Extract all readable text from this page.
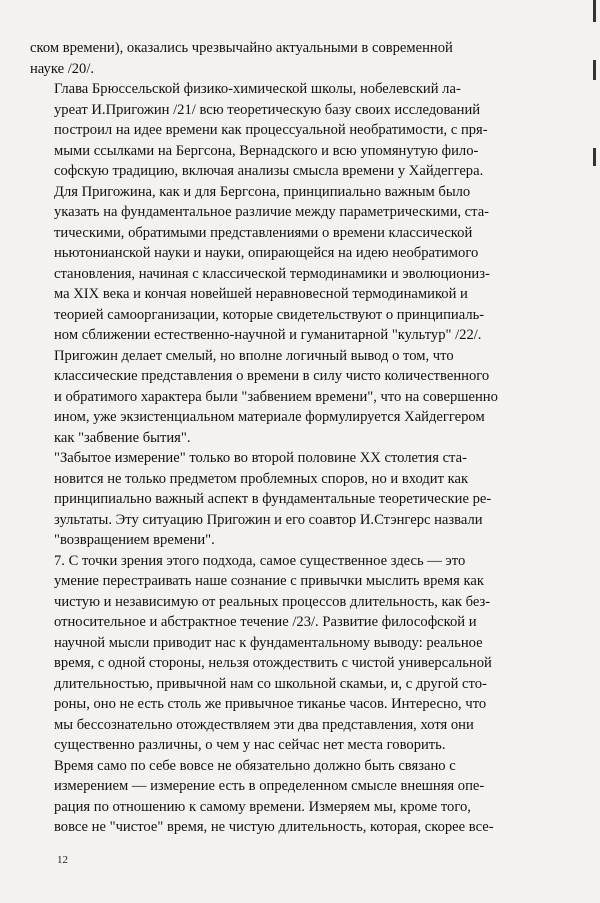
ском времени), оказались чрезвычайно актуальными в современной
науке /20/.
Глава Брюссельской физико-химической школы, нобелевский ла-
уреат И.Пригожин /21/ всю теоретическую базу своих исследований
построил на идее времени как процессуальной необратимости, с пря-
мыми ссылками на Бергсона, Вернадского и всю упомянутую фило-
софскую традицию, включая анализы смысла времени у Хайдеггера.
Для Пригожина, как и для Бергсона, принципиально важным было
указать на фундаментальное различие между параметрическими, ста-
тическими, обратимыми представлениями о времени классической
ньютонианской науки и науки, опирающейся на идею необратимого
становления, начиная с классической термодинамики и эволюциониз-
ма XIX века и кончая новейшей неравновесной термодинамикой и
теорией самоорганизации, которые свидетельствуют о принципиаль-
ном сближении естественно-научной и гуманитарной "культур" /22/.
Пригожин делает смелый, но вполне логичный вывод о том, что
классические представления о времени в силу чисто количественного
и обратимого характера были "забвением времени", что на совершенно
ином, уже экзистенциальном материале формулируется Хайдеггером
как "забвение бытия".
"Забытое измерение" только во второй половине XX столетия ста-
новится не только предметом проблемных споров, но и входит как
принципиально важный аспект в фундаментальные теоретические ре-
зультаты. Эту ситуацию Пригожин и его соавтор И.Стэнгерс назвали
"возвращением времени".
7. С точки зрения этого подхода, самое существенное здесь — это
умение перестраивать наше сознание с привычки мыслить время как
чистую и независимую от реальных процессов длительность, как без-
относительное и абстрактное течение /23/. Развитие философской и
научной мысли приводит нас к фундаментальному выводу: реальное
время, с одной стороны, нельзя отождествить с чистой универсальной
длительностью, привычной нам со школьной скамьи, и, с другой сто-
роны, оно не есть столь же привычное тиканье часов. Интересно, что
мы бессознательно отождествляем эти два представления, хотя они
существенно различны, о чем у нас сейчас нет места говорить.
Время само по себе вовсе не обязательно должно быть связано с
измерением — измерение есть в определенном смысле внешняя опе-
рация по отношению к самому времени. Измеряем мы, кроме того,
вовсе не "чистое" время, не чистую длительность, которая, скорее все-
12
